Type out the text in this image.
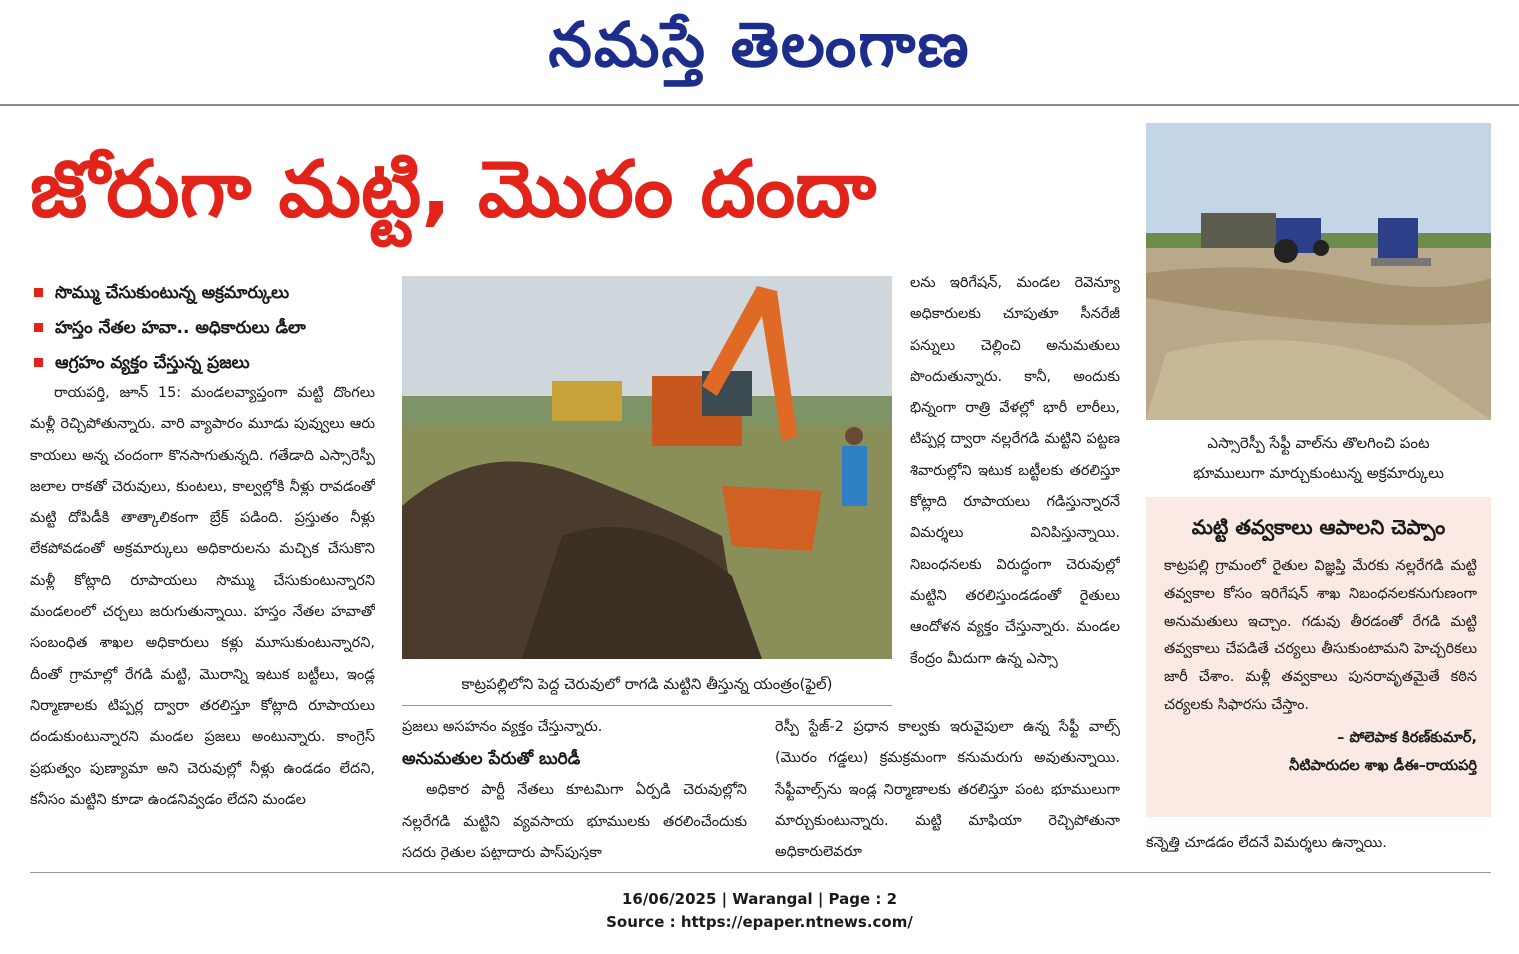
నమస్తే తెలంగాణ
జోరుగా మట్టి, మొరం దందా
సొమ్ము చేసుకుంటున్న అక్రమార్కులు
హస్తం నేతల హవా.. అధికారులు డీలా
ఆగ్రహం వ్యక్తం చేస్తున్న ప్రజలు

రాయపర్తి, జూన్ 15: మండలవ్యాప్తంగా మట్టి దొంగలు మళ్లీ రెచ్చిపోతున్నారు. వారి వ్యాపారం మూడు పువ్వులు ఆరు కాయలు అన్న చందంగా కొనసాగుతున్నది. గతేడాది ఎస్సారెస్పీ జలాల రాకతో చెరువులు, కుంటలు, కాల్వల్లోకి నీళ్లు రావడంతో మట్టి దోపిడీకి తాత్కాలికంగా బ్రేక్ పడింది. ప్రస్తుతం నీళ్లు లేకపోవడంతో అక్రమార్కులు అధికారులను మచ్చిక చేసుకొని మళ్లీ కోట్లాది రూపాయలు సొమ్ము చేసుకుంటున్నారని మండలంలో చర్చలు జరుగుతున్నాయి. హస్తం నేతల హవాతో సంబంధిత శాఖల అధికారులు కళ్లు మూసుకుంటున్నారని, దీంతో గ్రామాల్లో రేగడి మట్టి, మొరాన్ని ఇటుక బట్టీలు, ఇండ్ల నిర్మాణాలకు టిప్పర్ల ద్వారా తరలిస్తూ కోట్లాది రూపాయలు దండుకుంటున్నారని మండల ప్రజలు అంటున్నారు. కాంగ్రెస్ ప్రభుత్వం పుణ్యామా అని చెరువుల్లో నీళ్లు ఉండడం లేదని, కనీసం మట్టిని కూడా ఉండనివ్వడం లేదని మండల

కాట్రపల్లిలోని పెద్ద చెరువులో రాగడి మట్టిని తీస్తున్న యంత్రం(ఫైల్)

ప్రజలు అసహనం వ్యక్తం చేస్తున్నారు.

అనుమతుల పేరుతో బురిడీ

అధికార పార్టీ నేతలు కూటమిగా ఏర్పడి చెరువుల్లోని నల్లరేగడి మట్టిని వ్యవసాయ భూములకు తరలించేందుకు సదరు రైతుల పట్టాదారు పాస్‌పుస్తకా

లను ఇరిగేషన్, మండల రెవెన్యూ అధికారులకు చూపుతూ సీనరేజీ పన్నులు చెల్లించి అనుమతులు పొందుతున్నారు. కానీ, అందుకు భిన్నంగా రాత్రి వేళల్లో భారీ లారీలు, టిప్పర్ల ద్వారా నల్లరేగడి మట్టిని పట్టణ శివారుల్లోని ఇటుక బట్టీలకు తరలిస్తూ కోట్లాది రూపాయలు గడిస్తున్నారనే విమర్శలు వినిపిస్తున్నాయి. నిబంధనలకు విరుద్ధంగా చెరువుల్లో మట్టిని తరలిస్తుండడంతో రైతులు ఆందోళన వ్యక్తం చేస్తున్నారు. మండల కేంద్రం మీదుగా ఉన్న ఎస్సా

రెస్పీ స్టేజ్-2 ప్రధాన కాల్వకు ఇరువైపులా ఉన్న సేఫ్టీ వాల్స్ (మొరం గడ్డలు) క్రమక్రమంగా కనుమరుగు అవుతున్నాయి. సేఫ్టీవాల్స్‌ను ఇండ్ల నిర్మాణాలకు తరలిస్తూ పంట భూములుగా మార్చుకుంటున్నారు. మట్టి మాఫియా రెచ్చిపోతునా అధికారులెవరూ

ఎస్సారెస్పీ సేఫ్టీ వాల్‌ను తొలగించి పంట
భూములుగా మార్చుకుంటున్న అక్రమార్కులు
మట్టి తవ్వకాలు ఆపాలని చెప్పాం
కాట్రపల్లి గ్రామంలో రైతుల విజ్ఞప్తి మేరకు నల్లరేగడి మట్టి తవ్వకాల కోసం ఇరిగేషన్ శాఖ నిబంధనలకనుగుణంగా అనుమతులు ఇచ్చాం. గడువు తీరడంతో రేగడి మట్టి తవ్వకాలు చేపడితే చర్యలు తీసుకుంటామని హెచ్చరికలు జారీ చేశాం. మళ్లీ తవ్వకాలు పునరావృతమైతే కఠిన చర్యలకు సిఫారసు చేస్తాం.
– పోలెపాక కిరణ్‌కుమార్,
నీటిపారుదల శాఖ డీఈ–రాయపర్తి

కన్నెత్తి చూడడం లేదనే విమర్శలు ఉన్నాయి.

16/06/2025 | Warangal | Page : 2
Source : https://epaper.ntnews.com/
